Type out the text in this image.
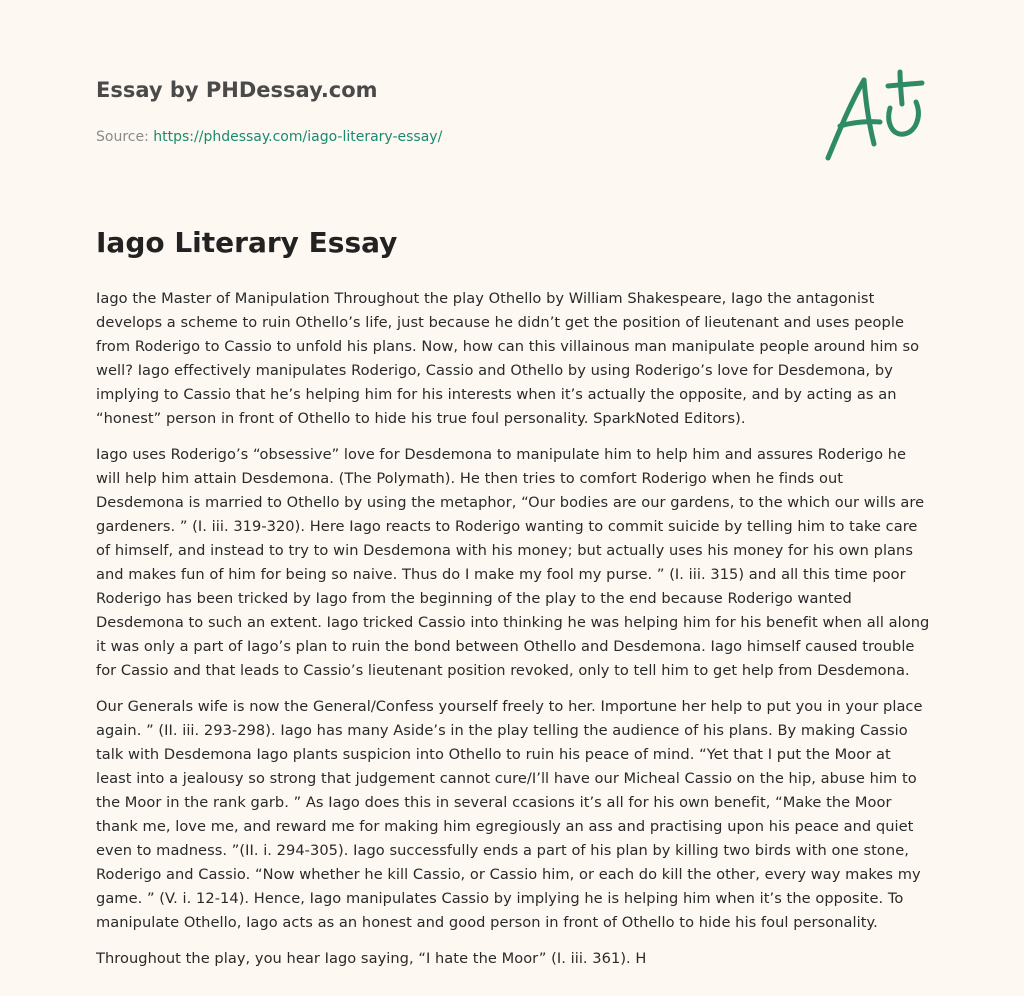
Essay by PHDessay.com
Source: https://phdessay.com/iago-literary-essay/
Iago Literary Essay

Iago the Master of Manipulation Throughout the play Othello by William Shakespeare, Iago the antagonist develops a scheme to ruin Othello’s life, just because he didn’t get the position of lieutenant and uses people from Roderigo to Cassio to unfold his plans. Now, how can this villainous man manipulate people around him so well? Iago effectively manipulates Roderigo, Cassio and Othello by using Roderigo’s love for Desdemona, by implying to Cassio that he’s helping him for his interests when it’s actually the opposite, and by acting as an “honest” person in front of Othello to hide his true foul personality. SparkNoted Editors).

Iago uses Roderigo’s “obsessive” love for Desdemona to manipulate him to help him and assures Roderigo he will help him attain Desdemona. (The Polymath). He then tries to comfort Roderigo when he finds out Desdemona is married to Othello by using the metaphor, “Our bodies are our gardens, to the which our wills are gardeners. ” (I. iii. 319-320). Here Iago reacts to Roderigo wanting to commit suicide by telling him to take care of himself, and instead to try to win Desdemona with his money; but actually uses his money for his own plans and makes fun of him for being so naive. Thus do I make my fool my purse. ” (I. iii. 315) and all this time poor Roderigo has been tricked by Iago from the beginning of the play to the end because Roderigo wanted Desdemona to such an extent. Iago tricked Cassio into thinking he was helping him for his benefit when all along it was only a part of Iago’s plan to ruin the bond between Othello and Desdemona. Iago himself caused trouble for Cassio and that leads to Cassio’s lieutenant position revoked, only to tell him to get help from Desdemona.

Our Generals wife is now the General/Confess yourself freely to her. Importune her help to put you in your place again. ” (II. iii. 293-298). Iago has many Aside’s in the play telling the audience of his plans. By making Cassio talk with Desdemona Iago plants suspicion into Othello to ruin his peace of mind. “Yet that I put the Moor at least into a jealousy so strong that judgement cannot cure/I’ll have our Micheal Cassio on the hip, abuse him to the Moor in the rank garb. ” As Iago does this in several ccasions it’s all for his own benefit, “Make the Moor thank me, love me, and reward me for making him egregiously an ass and practising upon his peace and quiet even to madness. ”(II. i. 294-305). Iago successfully ends a part of his plan by killing two birds with one stone, Roderigo and Cassio. “Now whether he kill Cassio, or Cassio him, or each do kill the other, every way makes my game. ” (V. i. 12-14). Hence, Iago manipulates Cassio by implying he is helping him when it’s the opposite. To manipulate Othello, Iago acts as an honest and good person in front of Othello to hide his foul personality.

Throughout the play, you hear Iago saying, “I hate the Moor” (I. iii. 361). H
